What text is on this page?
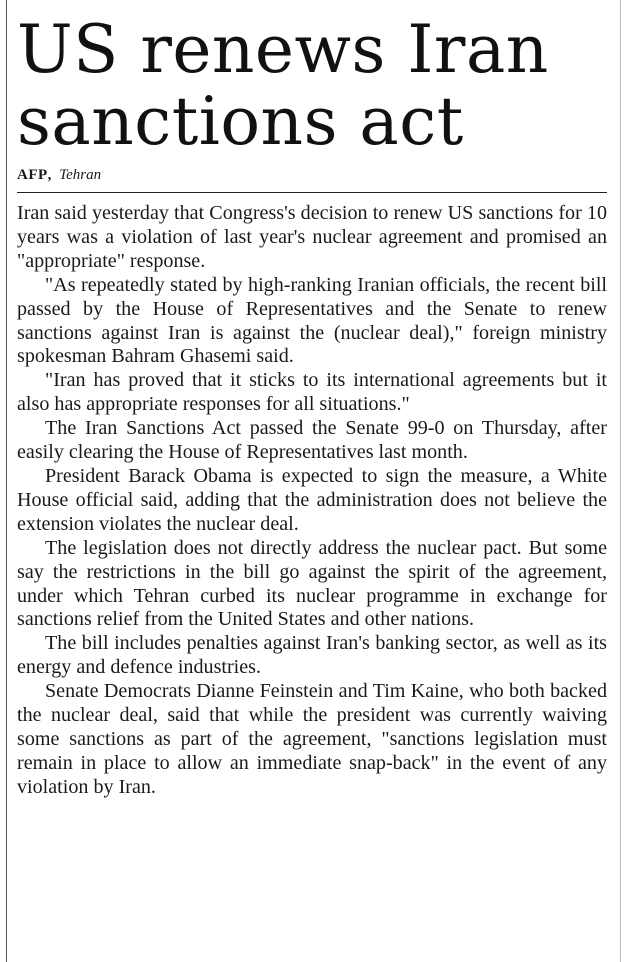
US renews Iran
sanctions act
AFP, Tehran

Iran said yesterday that Congress's decision to renew US sanctions for 10 years was a violation of last year's nuclear agreement and promised an "appropriate" response.

"As repeatedly stated by high-ranking Iranian officials, the recent bill passed by the House of Representatives and the Senate to renew sanctions against Iran is against the (nuclear deal)," foreign ministry spokesman Bahram Ghasemi said.

"Iran has proved that it sticks to its international agreements but it also has appropriate responses for all situations."

The Iran Sanctions Act passed the Senate 99-0 on Thursday, after easily clearing the House of Representatives last month.

President Barack Obama is expected to sign the measure, a White House official said, adding that the administration does not believe the extension violates the nuclear deal.

The legislation does not directly address the nuclear pact. But some say the restrictions in the bill go against the spirit of the agreement, under which Tehran curbed its nuclear programme in exchange for sanctions relief from the United States and other nations.

The bill includes penalties against Iran's banking sector, as well as its energy and defence industries.

Senate Democrats Dianne Feinstein and Tim Kaine, who both backed the nuclear deal, said that while the president was currently waiving some sanctions as part of the agreement, "sanctions legislation must remain in place to allow an immediate snap-back" in the event of any violation by Iran.
